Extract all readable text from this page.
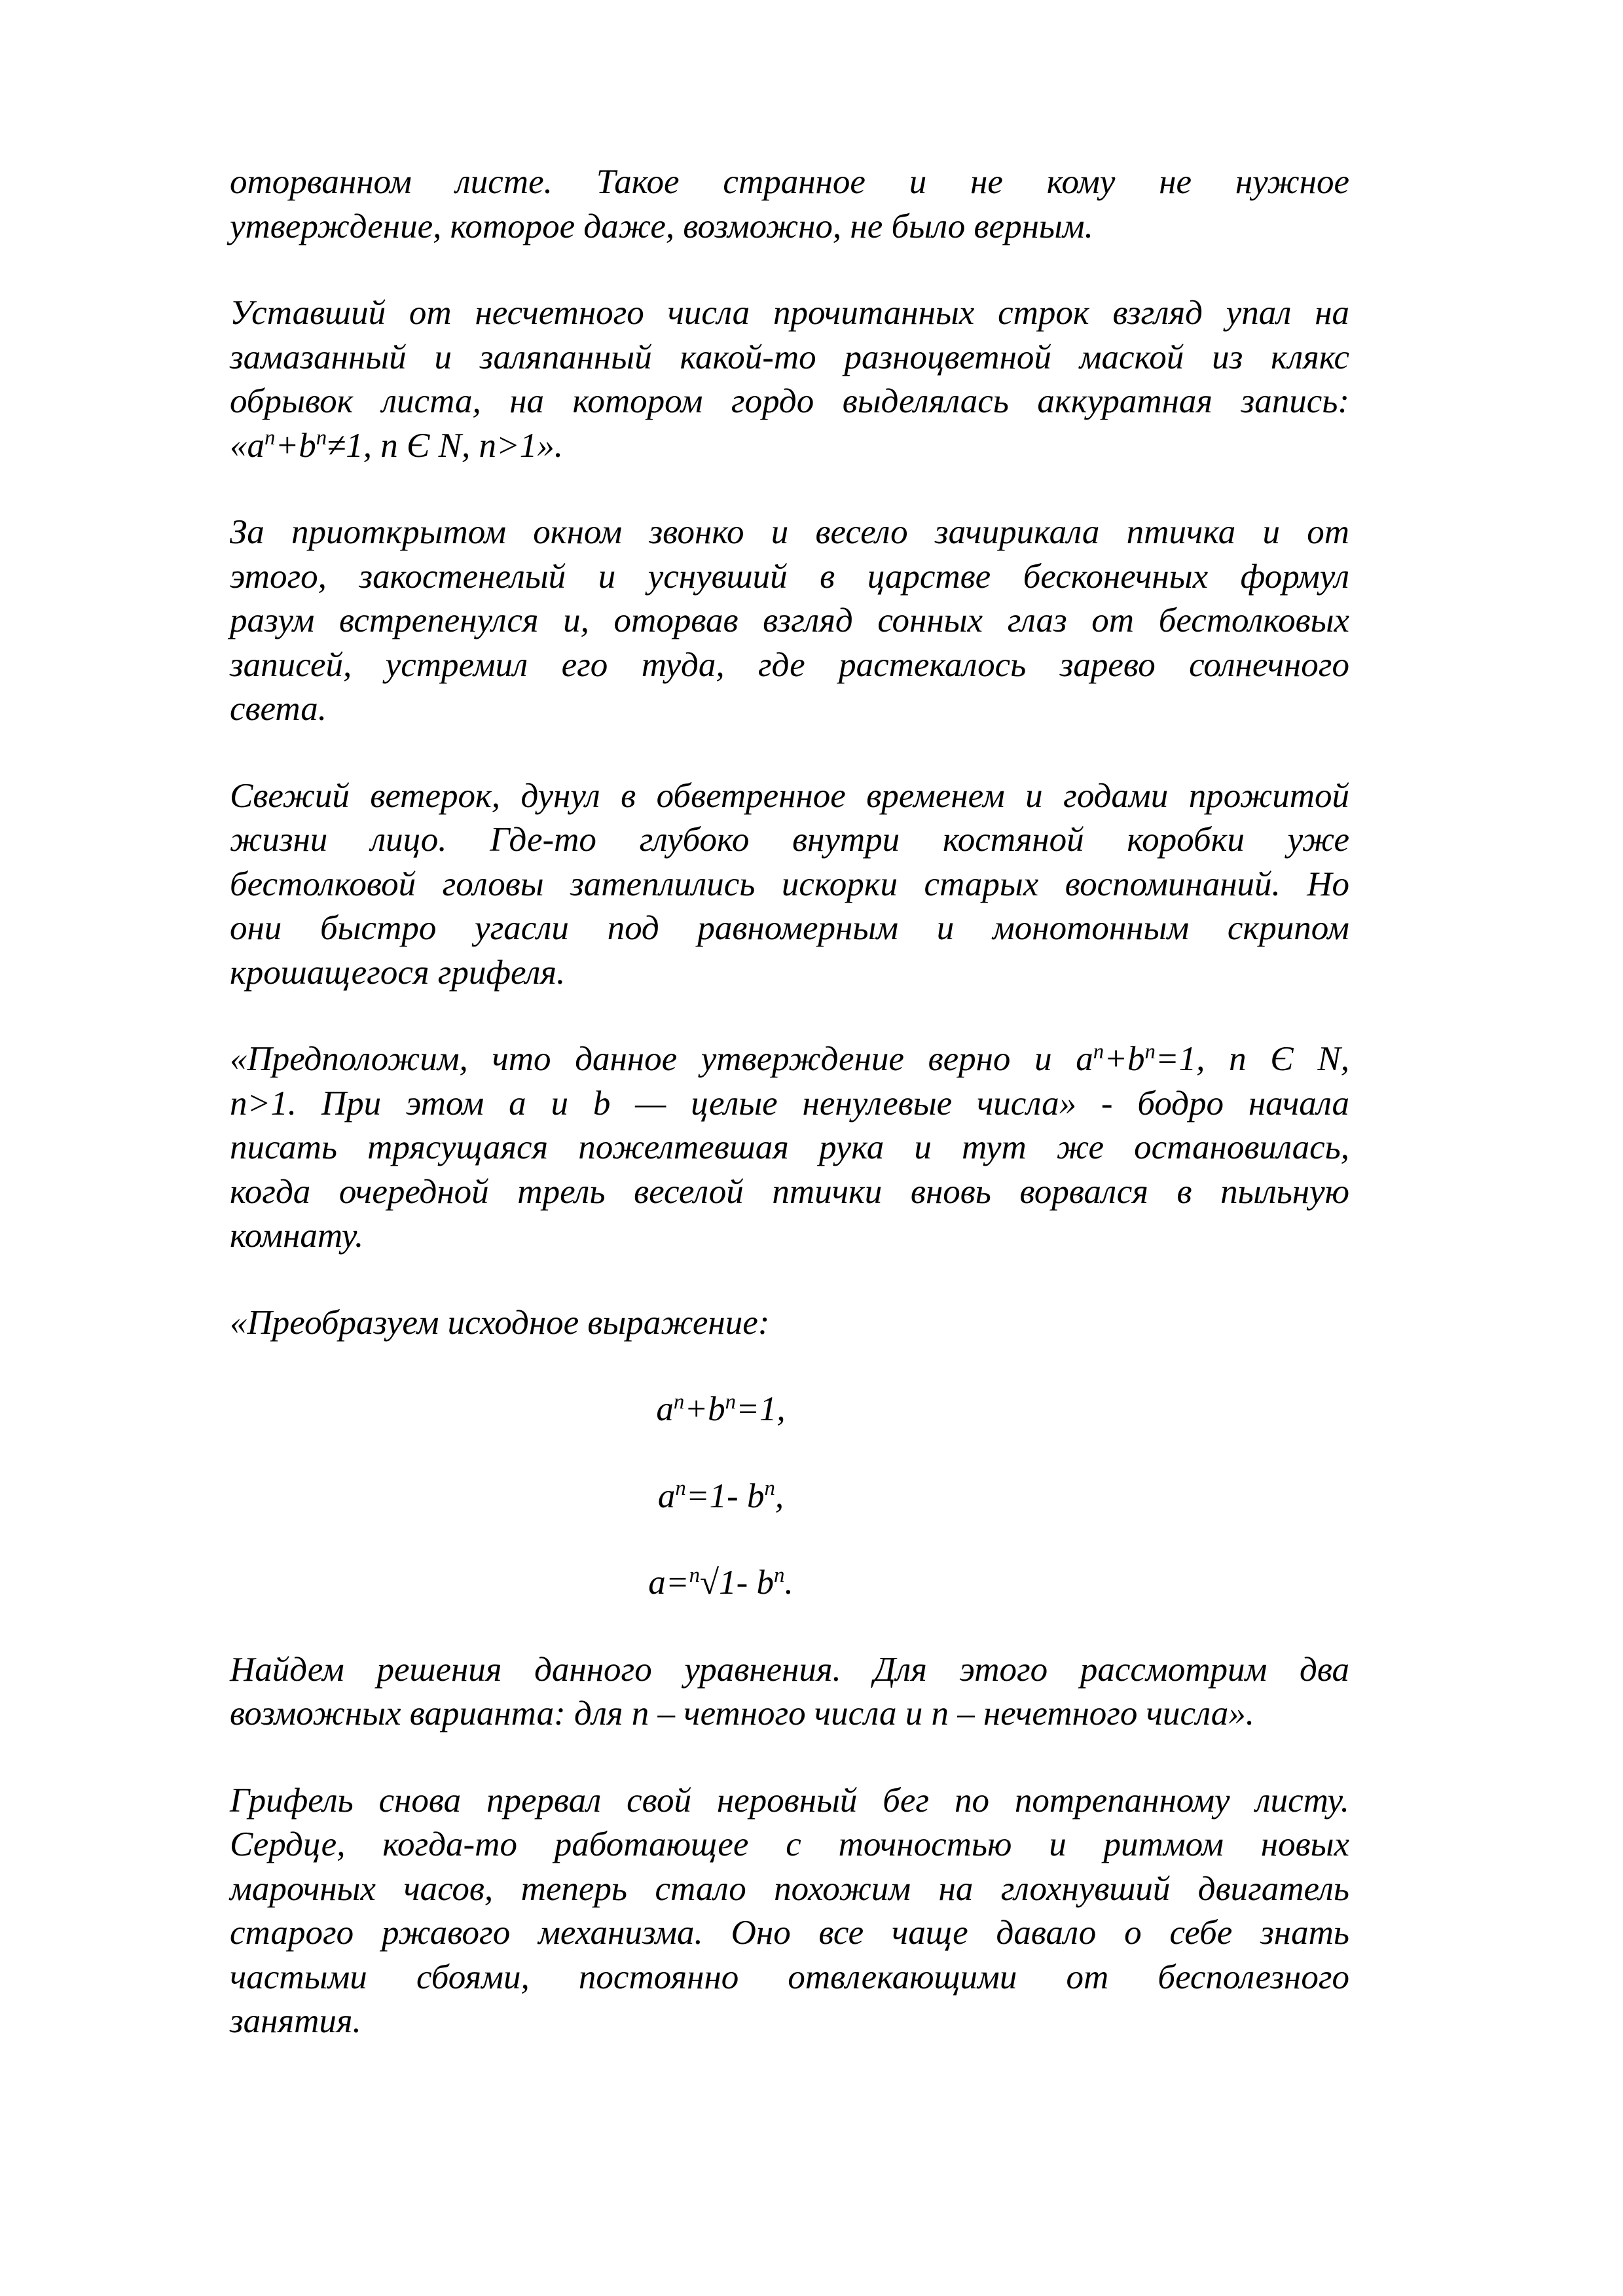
оторванном листе. Такое странное и не кому не нужное
утверждение, которое даже, возможно, не было верным.
Уставший от несчетного числа прочитанных строк взгляд упал на
замазанный и заляпанный какой-то разноцветной маской из клякс
обрывок листа, на котором гордо выделялась аккуратная запись:
«$a^n+b^n\ne 1$, n Є N, n>1».
За приоткрытом окном звонко и весело зачирикала птичка и от
этого, закостенелый и уснувший в царстве бесконечных формул
разум встрепенулся и, оторвав взгляд сонных глаз от бестолковых
записей, устремил его туда, где растекалось зарево солнечного
света.
Свежий ветерок, дунул в обветренное временем и годами прожитой
жизни лицо. Где-то глубоко внутри костяной коробки уже
бестолковой головы затеплились искорки старых воспоминаний. Но
они быстро угасли под равномерным и монотонным скрипом
крошащегося грифеля.
«Предположим, что данное утверждение верно и $a^n+b^n=1$, n Є N,
n>1. При этом а и b — целые ненулевые числа» - бодро начала
писать трясущаяся пожелтевшая рука и тут же остановилась,
когда очередной трель веселой птички вновь ворвался в пыльную
комнату.
«Преобразуем исходное выражение:
$a^n+b^n=1$,
$a^n=1-$ $b^n$,
a=$^n$√1- $b^n$.
Найдем решения данного уравнения. Для этого рассмотрим два
возможных варианта: для n – четного числа и n – нечетного числа».
Грифель снова прервал свой неровный бег по потрепанному листу.
Сердце, когда-то работающее с точностью и ритмом новых
марочных часов, теперь стало похожим на глохнувший двигатель
старого ржавого механизма. Оно все чаще давало о себе знать
частыми сбоями, постоянно отвлекающими от бесполезного
занятия.
